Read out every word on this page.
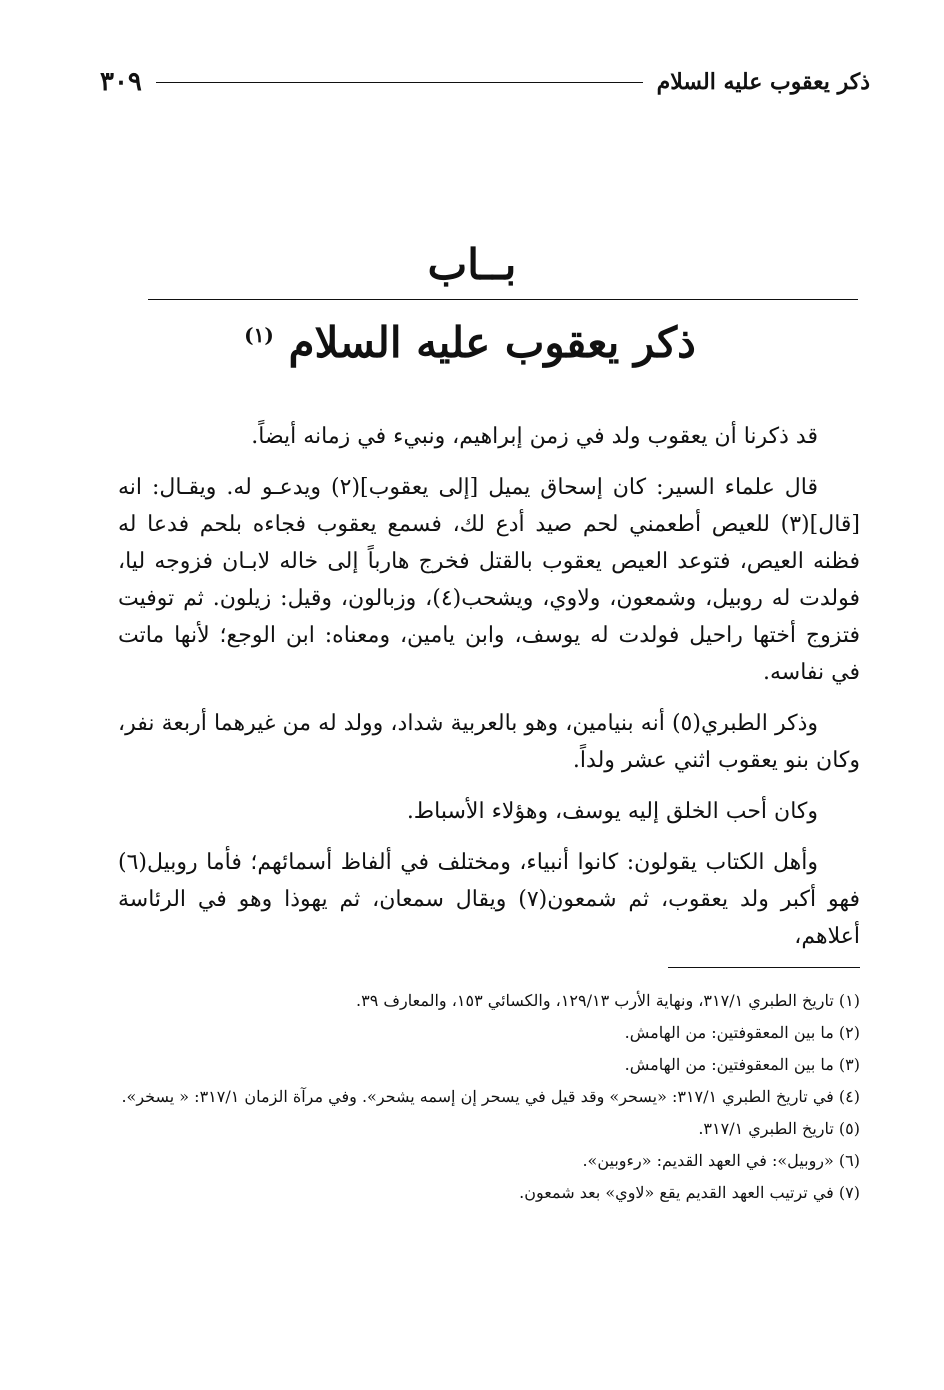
ذكر يعقوب عليه السلام
٣٠٩
بــاب
ذكر يعقوب عليه السلام $^{(١)}$

قد ذكرنا أن يعقوب ولد في زمن إبراهيم، ونبيء في زمانه أيضاً.

قال علماء السير: كان إسحاق يميل [إلى يعقوب](٢) ويدعـو له. ويقـال: انه [قال](٣) للعيص أطعمني لحم صيد أدع لك، فسمع يعقوب فجاءه بلحم فدعا له فظنه العيص، فتوعد العيص يعقوب بالقتل فخرج هارباً إلى خاله لابـان فزوجه ليا، فولدت له روبيل، وشمعون، ولاوي، ويشحب(٤)، وزبالون، وقيل: زيلون. ثم توفيت فتزوج أختها راحيل فولدت له يوسف، وابن يامين، ومعناه: ابن الوجع؛ لأنها ماتت في نفاسه.

وذكر الطبري(٥) أنه بنيامين، وهو بالعربية شداد، وولد له من غيرهما أربعة نفر، وكان بنو يعقوب اثني عشر ولداً.

وكان أحب الخلق إليه يوسف، وهؤلاء الأسباط.

وأهل الكتاب يقولون: كانوا أنبياء، ومختلف في ألفاظ أسمائهم؛ فأما روبيل(٦) فهو أكبر ولد يعقوب، ثم شمعون(٧) ويقال سمعان، ثم يهوذا وهو في الرئاسة أعلاهم،

(١) تاريخ الطبري ٣١٧/١، ونهاية الأرب ١٢٩/١٣، والكسائي ١٥٣، والمعارف ٣٩.

(٢) ما بين المعقوفتين: من الهامش.

(٣) ما بين المعقوفتين: من الهامش.

(٤) في تاريخ الطبري ٣١٧/١: «يسحر» وقد قيل في يسحر إن إسمه يشحر». وفي مرآة الزمان ٣١٧/١: « يسخر».

(٥) تاريخ الطبري ٣١٧/١.

(٦) «روبيل»: في العهد القديم: «رءوبين».

(٧) في ترتيب العهد القديم يقع «لاوي» بعد شمعون.
